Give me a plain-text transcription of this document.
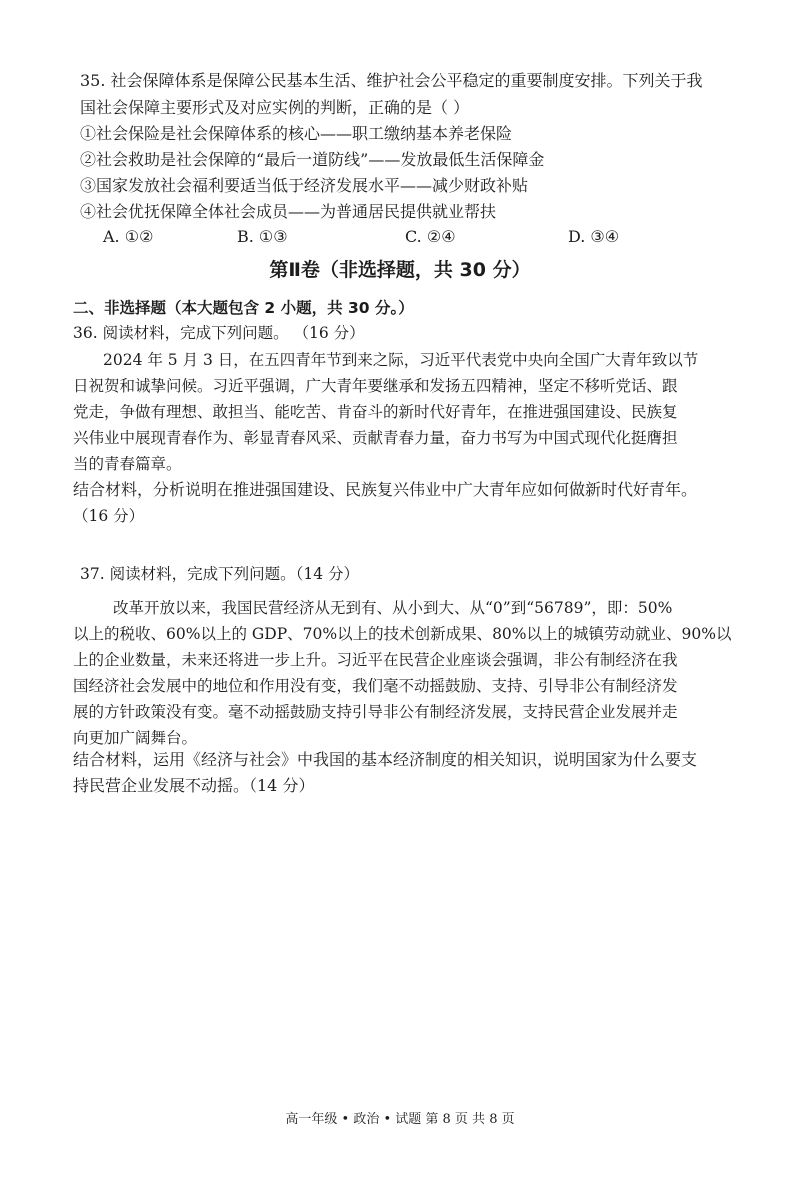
35. 社会保障体系是保障公民基本生活、维护社会公平稳定的重要制度安排。下列关于我
国社会保障主要形式及对应实例的判断，正确的是（ ）
①社会保险是社会保障体系的核心——职工缴纳基本养老保险
②社会救助是社会保障的“最后一道防线”——发放最低生活保障金
③国家发放社会福利要适当低于经济发展水平——减少财政补贴
④社会优抚保障全体社会成员——为普通居民提供就业帮扶
A. ①②	B. ①③	C. ②④	D. ③④
第Ⅱ卷（非选择题，共 30 分）
二、非选择题（本大题包含 2 小题，共 30 分。）
36. 阅读材料，完成下列问题。 （16 分）
2024 年 5 月 3 日，在五四青年节到来之际，习近平代表党中央向全国广大青年致以节
日祝贺和诚挚问候。习近平强调，广大青年要继承和发扬五四精神，坚定不移听党话、跟
党走，争做有理想、敢担当、能吃苦、肯奋斗的新时代好青年，在推进强国建设、民族复
兴伟业中展现青春作为、彰显青春风采、贡献青春力量，奋力书写为中国式现代化挺膺担
当的青春篇章。
结合材料，分析说明在推进强国建设、民族复兴伟业中广大青年应如何做新时代好青年。
（16 分）
37. 阅读材料，完成下列问题。（14 分）
改革开放以来，我国民营经济从无到有、从小到大、从“0”到“56789”，即：50%
以上的税收、60%以上的 GDP、70%以上的技术创新成果、80%以上的城镇劳动就业、90%以
上的企业数量，未来还将进一步上升。习近平在民营企业座谈会强调，非公有制经济在我
国经济社会发展中的地位和作用没有变，我们毫不动摇鼓励、支持、引导非公有制经济发
展的方针政策没有变。毫不动摇鼓励支持引导非公有制经济发展，支持民营企业发展并走
向更加广阔舞台。
结合材料，运用《经济与社会》中我国的基本经济制度的相关知识，说明国家为什么要支
持民营企业发展不动摇。（14 分）
高一年级 • 政治 • 试题 第 8 页 共 8 页
